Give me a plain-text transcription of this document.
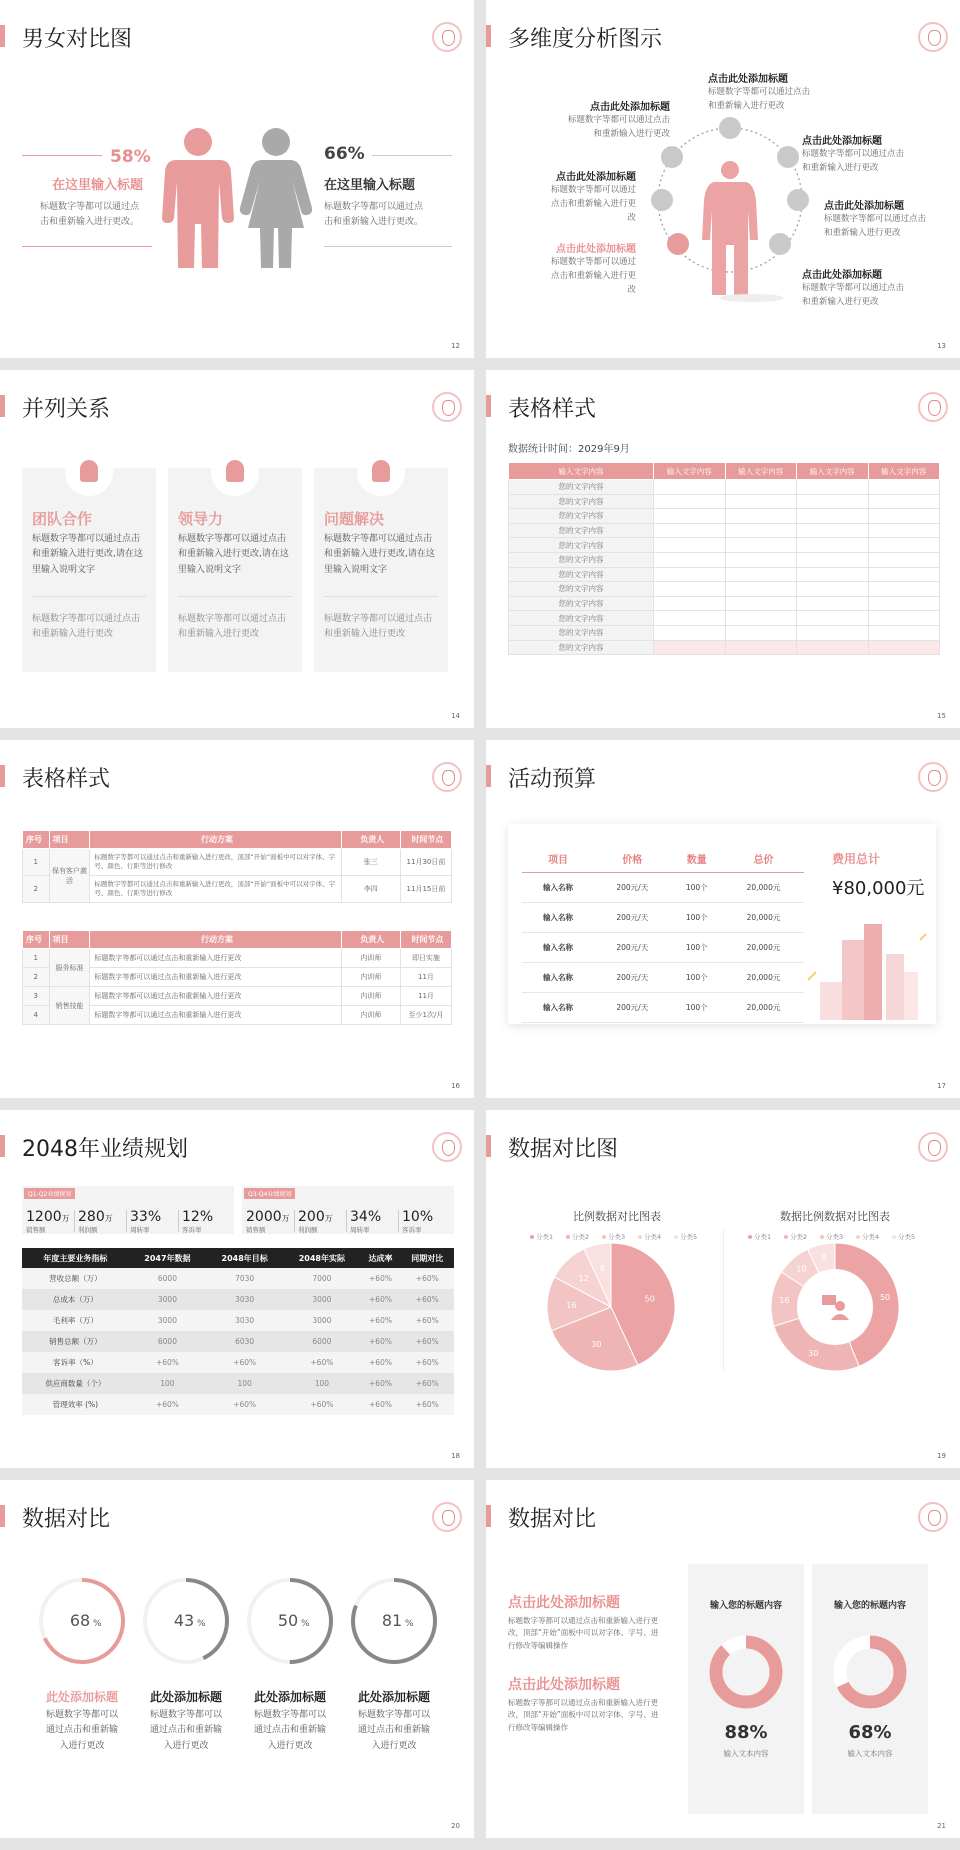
男女对比图
58%
在这里输入标题
标题数字等都可以通过点击和重新输入进行更改。
66%
在这里输入标题
标题数字等都可以通过点击和重新输入进行更改。
12
多维度分析图示
点击此处添加标题
标题数字等都可以通过点击和重新输入进行更改
点击此处添加标题
标题数字等都可以通过点击和重新输入进行更改
点击此处添加标题
标题数字等都可以通过点击和重新输入进行更改
点击此处添加标题
标题数字等都可以通过点击和重新输入进行更改
点击此处添加标题
标题数字等都可以通过点击和重新输入进行更改
点击此处添加标题
标题数字等都可以通过点击和重新输入进行更改
点击此处添加标题
标题数字等都可以通过点击和重新输入进行更改
13
并列关系
团队合作
标题数字等都可以通过点击和重新输入进行更改,请在这里输入说明文字
标题数字等都可以通过点击和重新输入进行更改
领导力
标题数字等都可以通过点击和重新输入进行更改,请在这里输入说明文字
标题数字等都可以通过点击和重新输入进行更改
问题解决
标题数字等都可以通过点击和重新输入进行更改,请在这里输入说明文字
标题数字等都可以通过点击和重新输入进行更改
14
表格样式
数据统计时间：2029年9月
输入文字内容	输入文字内容	输入文字内容	输入文字内容	输入文字内容
您的文字内容				
您的文字内容				
您的文字内容				
您的文字内容				
您的文字内容				
您的文字内容				
您的文字内容				
您的文字内容				
您的文字内容				
您的文字内容				
您的文字内容				
您的文字内容				
15
表格样式
序号	项目	行动方案	负责人	时间节点
1	保有客户激活	标题数字等都可以通过点击和重新输入进行更改，顶部“开始”面板中可以对字体、字号、颜色、行距等进行修改	张三	11月30日前
2		标题数字等都可以通过点击和重新输入进行更改，顶部“开始”面板中可以对字体、字号、颜色、行距等进行修改	李四	11月15日前
序号	项目	行动方案	负责人	时间节点
1	服务标准	标题数字等都可以通过点击和重新输入进行更改	内训师	即日实施
2		标题数字等都可以通过点击和重新输入进行更改	内训师	11月
3	销售技能	标题数字等都可以通过点击和重新输入进行更改	内训师	11月
4		标题数字等都可以通过点击和重新输入进行更改	内训师	至少1次/月
16
活动预算
项目	价格	数量	总价
输入名称	200元/天	100个	20,000元
输入名称	200元/天	100个	20,000元
输入名称	200元/天	100个	20,000元
输入名称	200元/天	100个	20,000元
输入名称	200元/天	100个	20,000元
费用总计
¥80,000元
17
2048年业绩规划
Q1-Q2业绩规划	Q3-Q4业绩规划
1200万
销售额
280万
利润额
33%
周转率
12%
客诉率
2000万
销售额
200万
利润额
34%
周转率
10%
客诉率
年度主要业务指标	2047年数据	2048年目标	2048年实际	达成率	同期对比
营收总额（万）	6000	7030	7000	+60%	+60%
总成本（万）	3000	3030	3000	+60%	+60%
毛利率（万）	3000	3030	3000	+60%	+60%
销售总额（万）	6000	6030	6000	+60%	+60%
客诉率（%）	+60%	+60%	+60%	+60%	+60%
供应商数量（个）	100	100	100	+60%	+60%
管理效率 (%)	+60%	+60%	+60%	+60%	+60%
18
数据对比图
比例数据对比图表	数据比例数据对比图表
分类1	分类2	分类3	分类4	分类5	分类1	分类2	分类3	分类4	分类5
50
30
16
12
8
50
30
16
10
8
19
数据对比
68 %
此处添加标题
标题数字等都可以通过点击和重新输入进行更改
43 %
此处添加标题
标题数字等都可以通过点击和重新输入进行更改
50 %
此处添加标题
标题数字等都可以通过点击和重新输入进行更改
81 %
此处添加标题
标题数字等都可以通过点击和重新输入进行更改
20
数据对比
点击此处添加标题
标题数字等都可以通过点击和重新输入进行更改，顶部“开始”面板中可以对字体、字号、进行修改等编辑操作
点击此处添加标题
标题数字等都可以通过点击和重新输入进行更改，顶部“开始”面板中可以对字体、字号、进行修改等编辑操作
输入您的标题内容
88%
输入文本内容
输入您的标题内容
68%
输入文本内容
21
